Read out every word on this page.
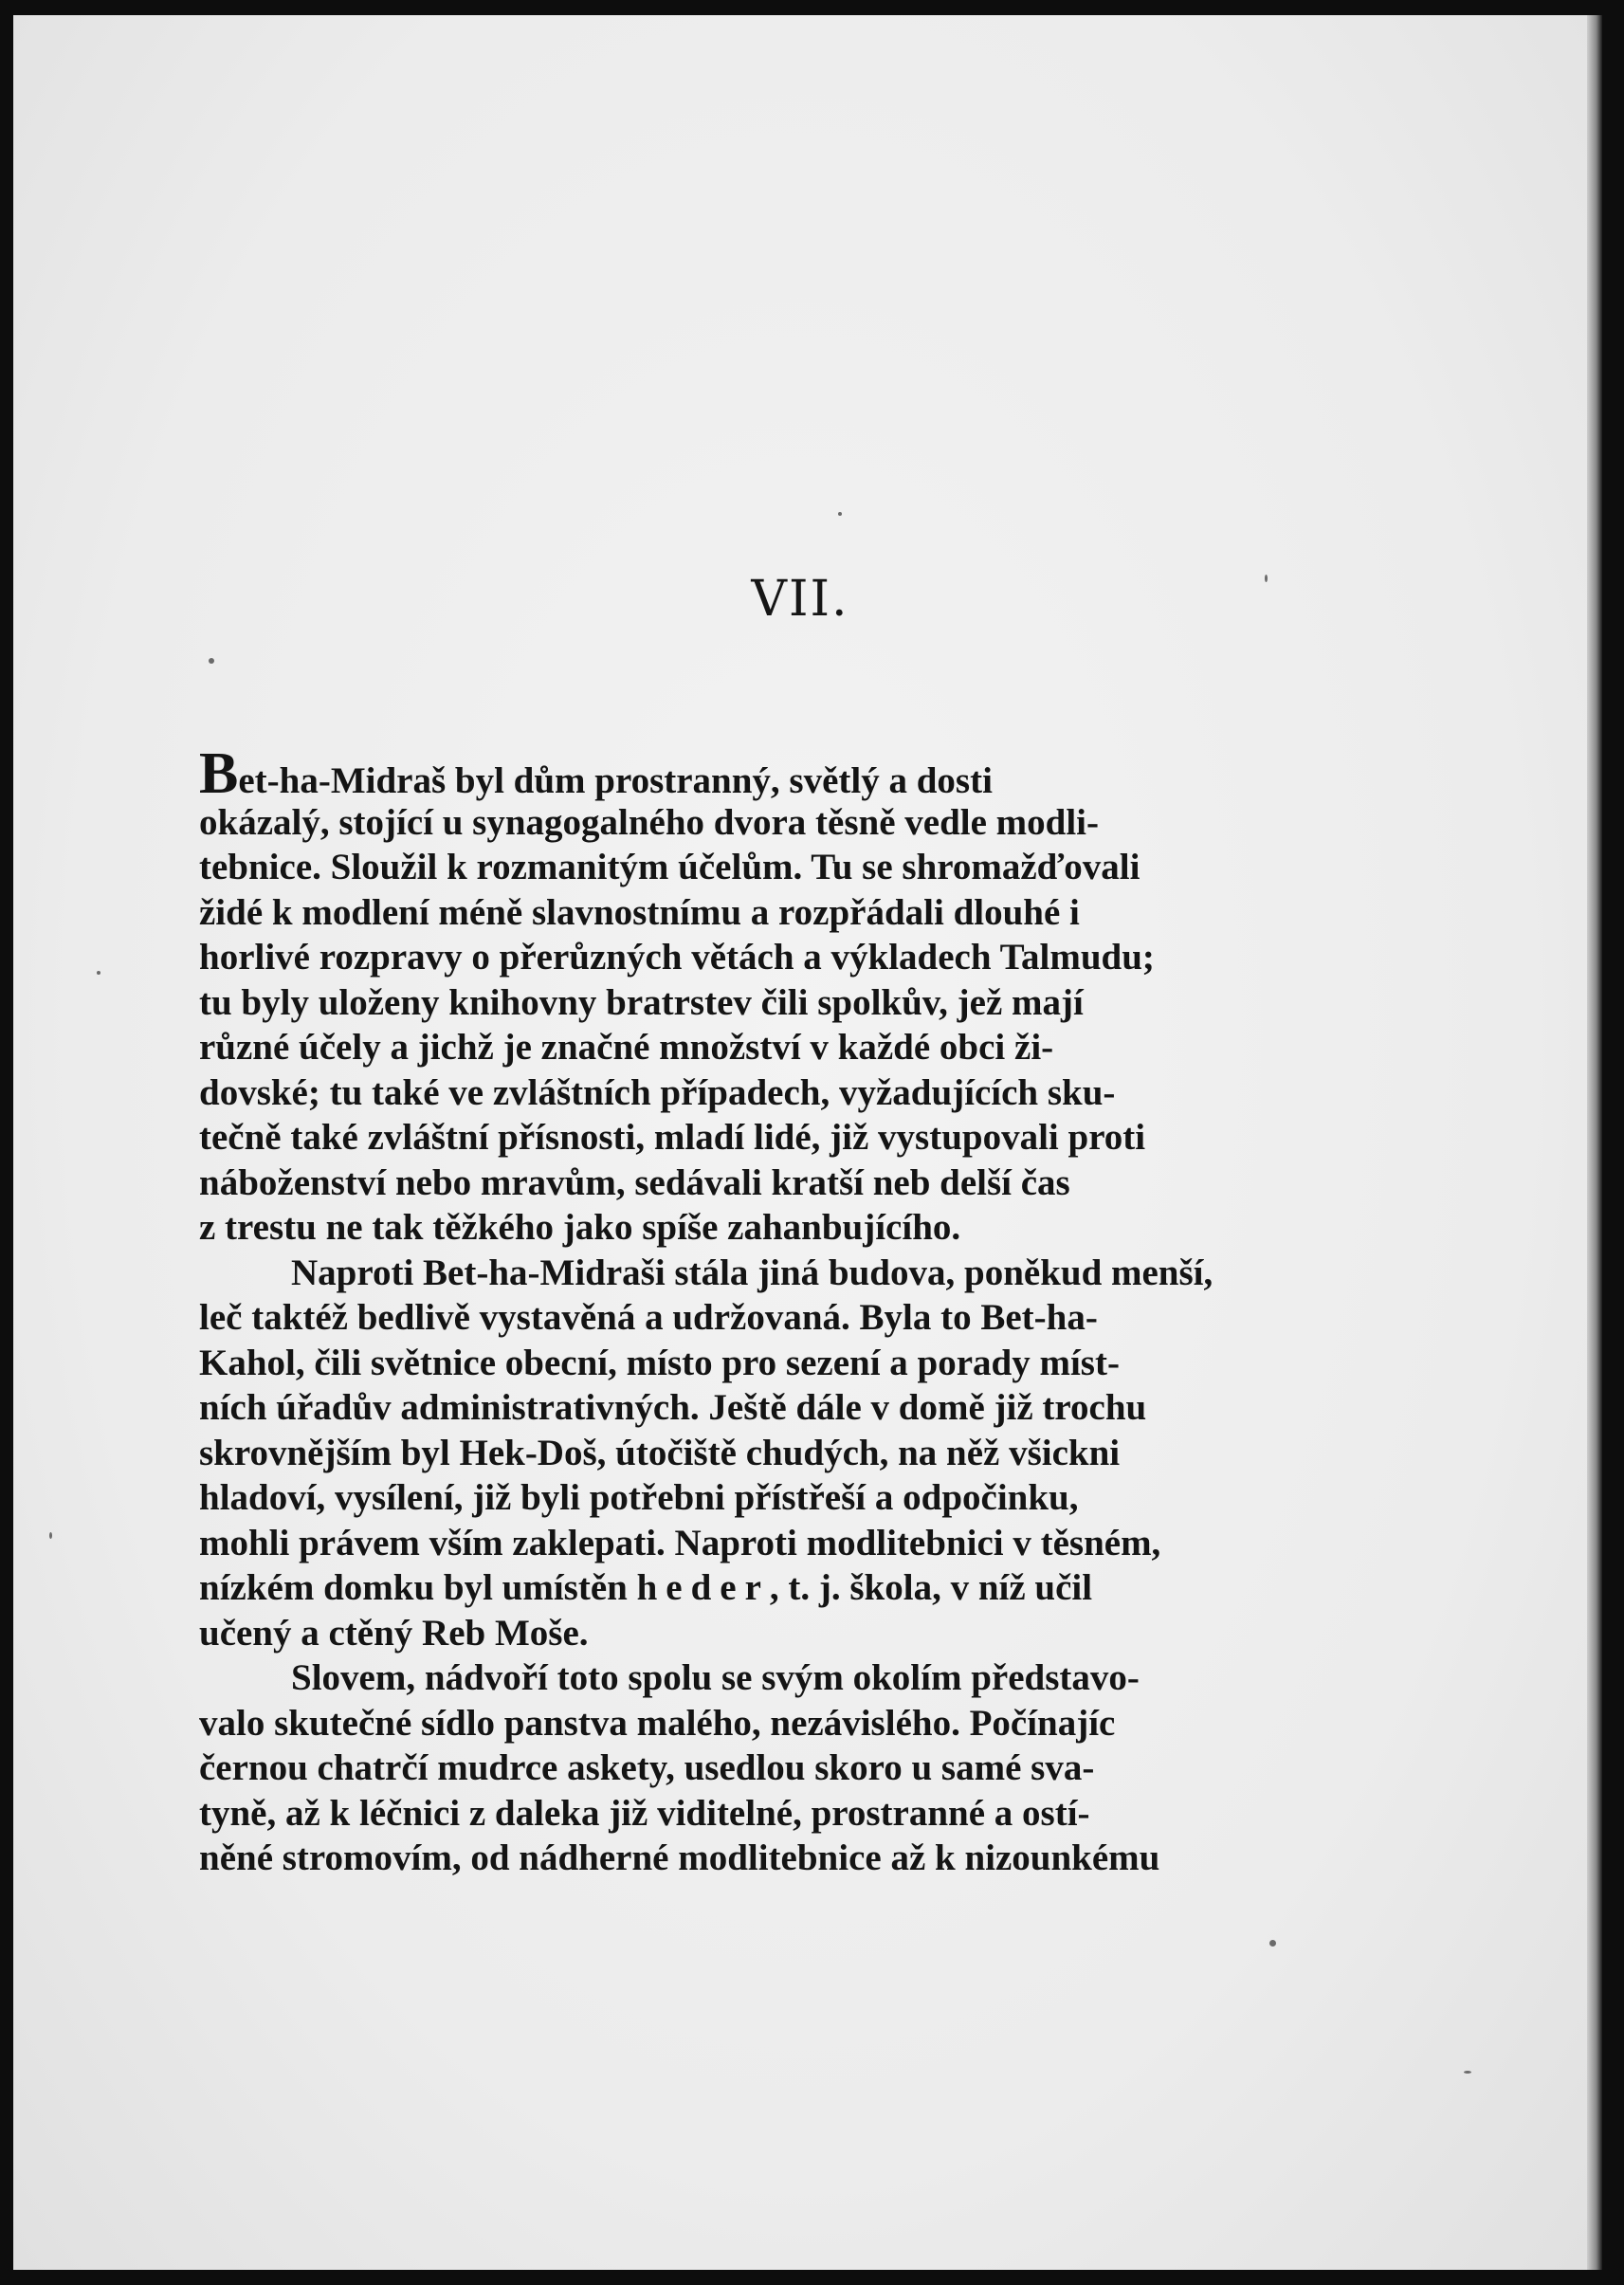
VII.
Bet-ha-Midraš byl dům prostranný, světlý a dosti
okázalý, stojící u synagogalného dvora těsně vedle modli-
tebnice. Sloužil k rozmanitým účelům. Tu se shromažďovali
židé k modlení méně slavnostnímu a rozpřádali dlouhé i
horlivé rozpravy o přerůzných větách a výkladech Talmudu;
tu byly uloženy knihovny bratrstev čili spolkův, jež mají
různé účely a jichž je značné množství v každé obci ži-
dovské; tu také ve zvláštních případech, vyžadujících sku-
tečně také zvláštní přísnosti, mladí lidé, již vystupovali proti
náboženství nebo mravům, sedávali kratší neb delší čas
z trestu ne tak těžkého jako spíše zahanbujícího.
Naproti Bet-ha-Midraši stála jiná budova, poněkud menší,
leč taktéž bedlivě vystavěná a udržovaná. Byla to Bet-ha-
Kahol, čili světnice obecní, místo pro sezení a porady míst-
ních úřadův administrativných. Ještě dále v domě již trochu
skrovnějším byl Hek-Doš, útočiště chudých, na něž všickni
hladoví, vysílení, již byli potřebni přístřeší a odpočinku,
mohli právem vším zaklepati. Naproti modlitebnici v těsném,
nízkém domku byl umístěn heder, t. j. škola, v níž učil
učený a ctěný Reb Moše.
Slovem, nádvoří toto spolu se svým okolím představo-
valo skutečné sídlo panstva malého, nezávislého. Počínajíc
černou chatrčí mudrce askety, usedlou skoro u samé sva-
tyně, až k léčnici z daleka již viditelné, prostranné a ostí-
něné stromovím, od nádherné modlitebnice až k nizounkému
